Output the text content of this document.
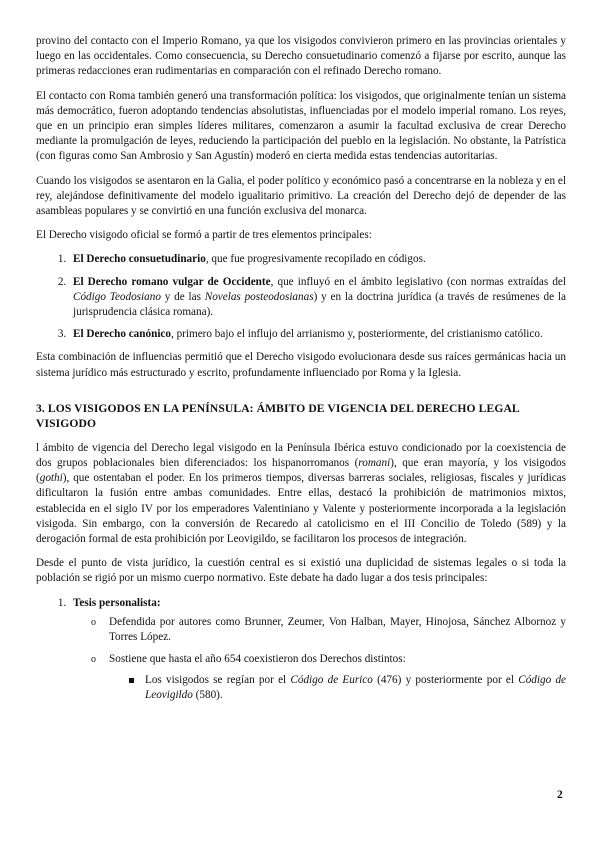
provino del contacto con el Imperio Romano, ya que los visigodos convivieron primero en las provincias orientales y luego en las occidentales. Como consecuencia, su Derecho consuetudinario comenzó a fijarse por escrito, aunque las primeras redacciones eran rudimentarias en comparación con el refinado Derecho romano.

El contacto con Roma también generó una transformación política: los visigodos, que originalmente tenían un sistema más democrático, fueron adoptando tendencias absolutistas, influenciadas por el modelo imperial romano. Los reyes, que en un principio eran simples líderes militares, comenzaron a asumir la facultad exclusiva de crear Derecho mediante la promulgación de leyes, reduciendo la participación del pueblo en la legislación. No obstante, la Patrística (con figuras como San Ambrosio y San Agustín) moderó en cierta medida estas tendencias autoritarias.

Cuando los visigodos se asentaron en la Galia, el poder político y económico pasó a concentrarse en la nobleza y en el rey, alejándose definitivamente del modelo igualitario primitivo. La creación del Derecho dejó de depender de las asambleas populares y se convirtió en una función exclusiva del monarca.

El Derecho visigodo oficial se formó a partir de tres elementos principales:

1. El Derecho consuetudinario, que fue progresivamente recopilado en códigos.
2. El Derecho romano vulgar de Occidente, que influyó en el ámbito legislativo (con normas extraídas del Código Teodosiano y de las Novelas posteodosianas) y en la doctrina jurídica (a través de resúmenes de la jurisprudencia clásica romana).
3. El Derecho canónico, primero bajo el influjo del arrianismo y, posteriormente, del cristianismo católico.

Esta combinación de influencias permitió que el Derecho visigodo evolucionara desde sus raíces germánicas hacia un sistema jurídico más estructurado y escrito, profundamente influenciado por Roma y la Iglesia.

3. LOS VISIGODOS EN LA PENÍNSULA: ÁMBITO DE VIGENCIA DEL DERECHO LEGAL VISIGODO

l ámbito de vigencia del Derecho legal visigodo en la Península Ibérica estuvo condicionado por la coexistencia de dos grupos poblacionales bien diferenciados: los hispanorromanos (romani), que eran mayoría, y los visigodos (gothi), que ostentaban el poder. En los primeros tiempos, diversas barreras sociales, religiosas, fiscales y jurídicas dificultaron la fusión entre ambas comunidades. Entre ellas, destacó la prohibición de matrimonios mixtos, establecida en el siglo IV por los emperadores Valentiniano y Valente y posteriormente incorporada a la legislación visigoda. Sin embargo, con la conversión de Recaredo al catolicismo en el III Concilio de Toledo (589) y la derogación formal de esta prohibición por Leovigildo, se facilitaron los procesos de integración.

Desde el punto de vista jurídico, la cuestión central es si existió una duplicidad de sistemas legales o si toda la población se rigió por un mismo cuerpo normativo. Este debate ha dado lugar a dos tesis principales:

1. Tesis personalista:
o Defendida por autores como Brunner, Zeumer, Von Halban, Mayer, Hinojosa, Sánchez Albornoz y Torres López.
o Sostiene que hasta el año 654 coexistieron dos Derechos distintos:
Los visigodos se regían por el Código de Eurico (476) y posteriormente por el Código de Leovigildo (580).
2
